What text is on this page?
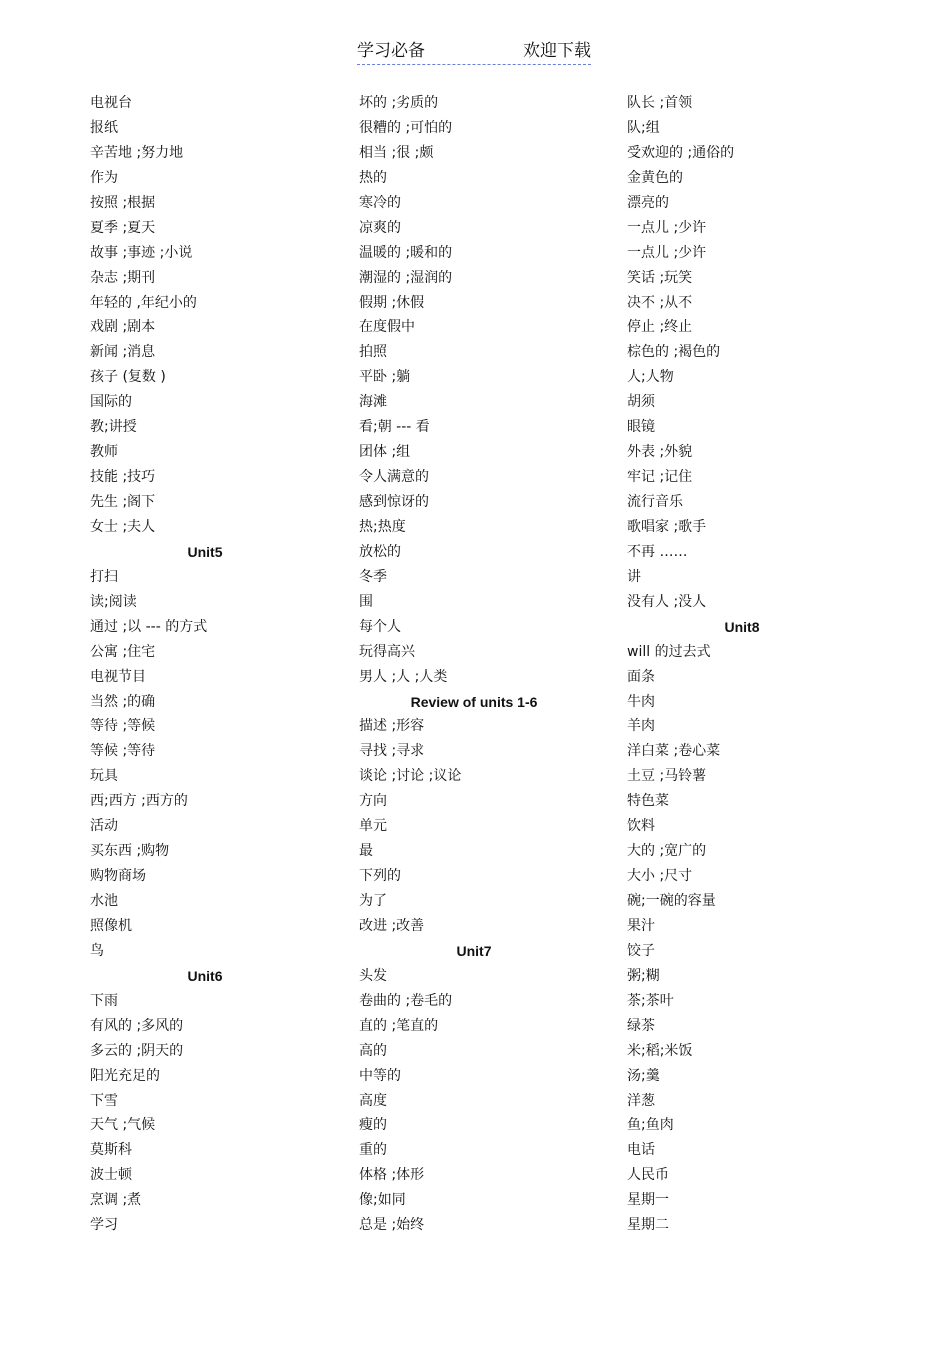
学习必备	欢迎下载
电视台
报纸
辛苦地 ;努力地
作为
按照 ;根据
夏季 ;夏天
故事 ;事迹 ;小说
杂志 ;期刊
年轻的 ,年纪小的
戏剧 ;剧本
新闻 ;消息
孩子 (复数 )
国际的
教;讲授
教师
技能 ;技巧
先生 ;阁下
女士 ;夫人
Unit5
打扫
读;阅读
通过 ;以 --- 的方式
公寓 ;住宅
电视节目
当然 ;的确
等待 ;等候
等候 ;等待
玩具
西;西方 ;西方的
活动
买东西 ;购物
购物商场
水池
照像机
鸟
Unit6
下雨
有风的 ;多风的
多云的 ;阴天的
阳光充足的
下雪
天气 ;气候
莫斯科
波士顿
烹调 ;煮
学习
坏的 ;劣质的
很糟的 ;可怕的
相当 ;很 ;颇
热的
寒冷的
凉爽的
温暖的 ;暖和的
潮湿的 ;湿润的
假期 ;休假
在度假中
拍照
平卧 ;躺
海滩
看;朝 --- 看
团体 ;组
令人满意的
感到惊讶的
热;热度
放松的
冬季
围
每个人
玩得高兴
男人 ;人 ;人类
Review of units 1-6
描述 ;形容
寻找 ;寻求
谈论 ;讨论 ;议论
方向
单元
最
下列的
为了
改进 ;改善
Unit7
头发
卷曲的 ;卷毛的
直的 ;笔直的
高的
中等的
高度
瘦的
重的
体格 ;体形
像;如同
总是 ;始终
队长 ;首领
队;组
受欢迎的 ;通俗的
金黄色的
漂亮的
一点儿 ;少许
一点儿 ;少许
笑话 ;玩笑
决不 ;从不
停止 ;终止
棕色的 ;褐色的
人;人物
胡须
眼镜
外表 ;外貌
牢记 ;记住
流行音乐
歌唱家 ;歌手
不再 ……
讲
没有人 ;没人
Unit8
will 的过去式
面条
牛肉
羊肉
洋白菜 ;卷心菜
土豆 ;马铃薯
特色菜
饮料
大的 ;宽广的
大小 ;尺寸
碗;一碗的容量
果汁
饺子
粥;糊
茶;茶叶
绿茶
米;稻;米饭
汤;羹
洋葱
鱼;鱼肉
电话
人民币
星期一
星期二
